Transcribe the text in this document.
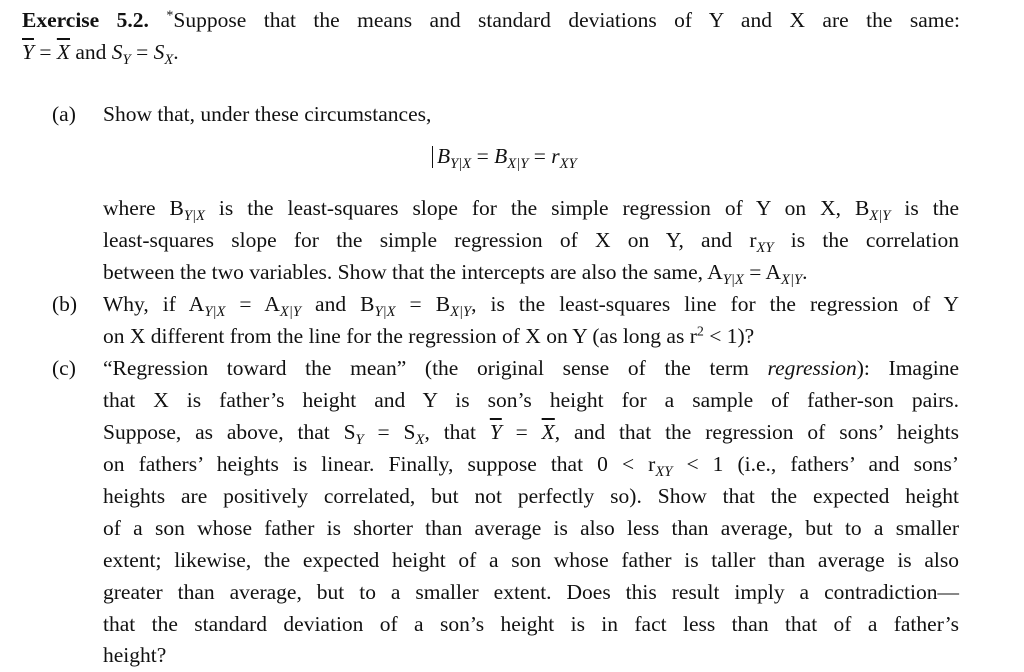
Exercise 5.2. *Suppose that the means and standard deviations of Y and X are the same:
$\overline{Y} = \overline{X}$ and $S_Y = S_X$.
(a) Show that, under these circumstances,
$B_{Y|X} = B_{X|Y} = r_{XY}$
where $B_{Y|X}$ is the least-squares slope for the simple regression of Y on X, $B_{X|Y}$ is the
least-squares slope for the simple regression of X on Y, and $r_{XY}$ is the correlation
between the two variables. Show that the intercepts are also the same, $A_{Y|X} = A_{X|Y}$.
(b) Why, if $A_{Y|X} = A_{X|Y}$ and $B_{Y|X} = B_{X|Y}$, is the least-squares line for the regression of Y
on X different from the line for the regression of X on Y (as long as $r^2 < 1$)?
(c) “Regression toward the mean” (the original sense of the term regression): Imagine
that X is father’s height and Y is son’s height for a sample of father-son pairs.
Suppose, as above, that $S_Y = S_X$, that $\overline{Y} = \overline{X}$, and that the regression of sons’ heights
on fathers’ heights is linear. Finally, suppose that $0 < r_{XY} < 1$ (i.e., fathers’ and sons’
heights are positively correlated, but not perfectly so). Show that the expected height
of a son whose father is shorter than average is also less than average, but to a smaller
extent; likewise, the expected height of a son whose father is taller than average is also
greater than average, but to a smaller extent. Does this result imply a contradiction—
that the standard deviation of a son’s height is in fact less than that of a father’s
height?
